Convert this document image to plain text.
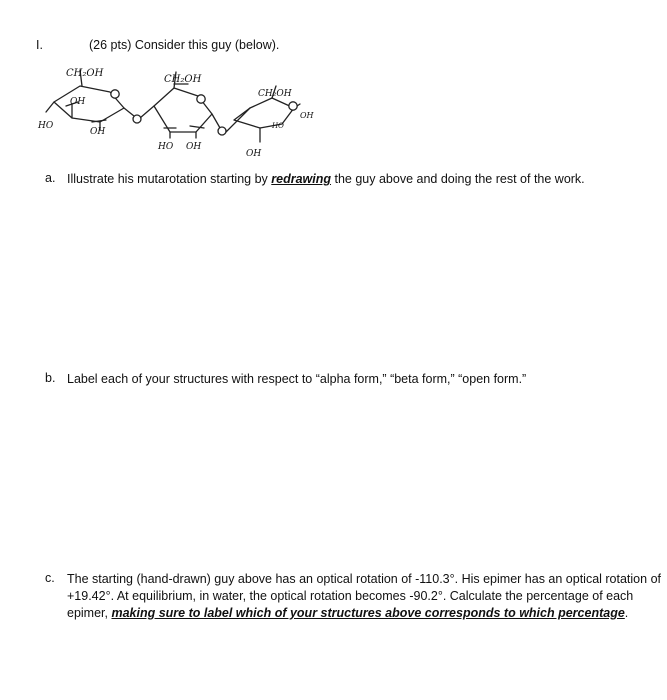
I.	(26 pts) Consider this guy (below).
CH₂OH
OH
HO
OH
CH₂OH
HO OH
CH₂OH
OH
HO
OH
a. Illustrate his mutarotation starting by redrawing the guy above and doing the rest of the work.
b. Label each of your structures with respect to “alpha form,” “beta form,” “open form.”
c. The starting (hand-drawn) guy above has an optical rotation of -110.3°. His epimer has an optical rotation of +19.42°. At equilibrium, in water, the optical rotation becomes -90.2°. Calculate the percentage of each epimer, making sure to label which of your structures above corresponds to which percentage.
